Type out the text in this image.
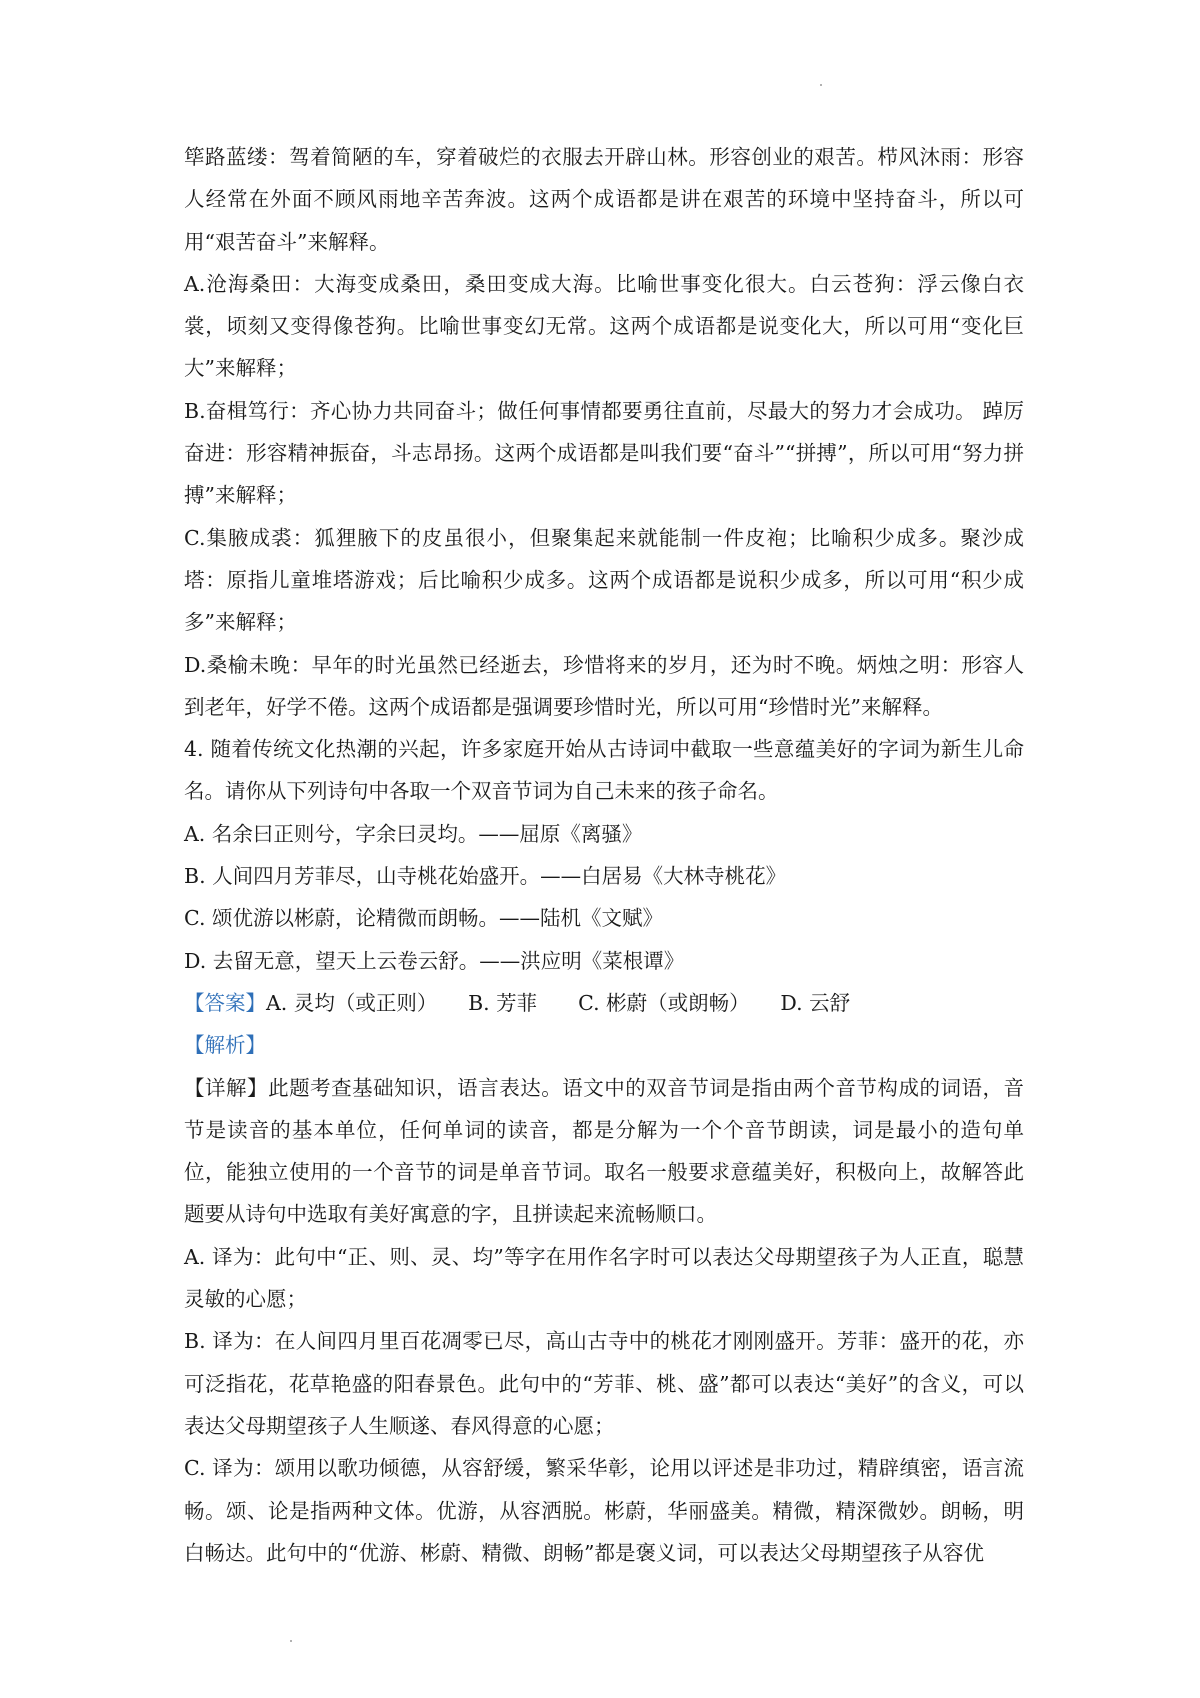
筚路蓝缕：驾着简陋的车，穿着破烂的衣服去开辟山林。形容创业的艰苦。栉风沐雨：形容人经常在外面不顾风雨地辛苦奔波。这两个成语都是讲在艰苦的环境中坚持奋斗，所以可用“艰苦奋斗”来解释。

A.沧海桑田：大海变成桑田，桑田变成大海。比喻世事变化很大。白云苍狗：浮云像白衣裳，顷刻又变得像苍狗。比喻世事变幻无常。这两个成语都是说变化大，所以可用“变化巨大”来解释；

B.奋楫笃行：齐心协力共同奋斗；做任何事情都要勇往直前，尽最大的努力才会成功。 踔厉奋进：形容精神振奋，斗志昂扬。这两个成语都是叫我们要“奋斗”“拼搏”，所以可用“努力拼搏”来解释；

C.集腋成裘：狐狸腋下的皮虽很小，但聚集起来就能制一件皮袍；比喻积少成多。聚沙成塔：原指儿童堆塔游戏；后比喻积少成多。这两个成语都是说积少成多，所以可用“积少成多”来解释；

D.桑榆未晚：早年的时光虽然已经逝去，珍惜将来的岁月，还为时不晚。炳烛之明：形容人到老年，好学不倦。这两个成语都是强调要珍惜时光，所以可用“珍惜时光”来解释。

4. 随着传统文化热潮的兴起，许多家庭开始从古诗词中截取一些意蕴美好的字词为新生儿命名。请你从下列诗句中各取一个双音节词为自己未来的孩子命名。

A. 名余曰正则兮，字余曰灵均。——屈原《离骚》

B. 人间四月芳菲尽，山寺桃花始盛开。——白居易《大林寺桃花》

C. 颂优游以彬蔚，论精微而朗畅。——陆机《文赋》

D. 去留无意，望天上云卷云舒。——洪应明《菜根谭》

【答案】A. 灵均（或正则）　　B. 芳菲　　C. 彬蔚（或朗畅）　　D. 云舒

【解析】

【详解】此题考查基础知识，语言表达。语文中的双音节词是指由两个音节构成的词语，音节是读音的基本单位，任何单词的读音，都是分解为一个个音节朗读，词是最小的造句单位，能独立使用的一个音节的词是单音节词。取名一般要求意蕴美好，积极向上，故解答此题要从诗句中选取有美好寓意的字，且拼读起来流畅顺口。

A. 译为：此句中“正、则、灵、均”等字在用作名字时可以表达父母期望孩子为人正直，聪慧灵敏的心愿；

B. 译为：在人间四月里百花凋零已尽，高山古寺中的桃花才刚刚盛开。芳菲：盛开的花，亦可泛指花，花草艳盛的阳春景色。此句中的“芳菲、桃、盛”都可以表达“美好”的含义，可以表达父母期望孩子人生顺遂、春风得意的心愿；

C. 译为：颂用以歌功倾德，从容舒缓，繁采华彰，论用以评述是非功过，精辟缜密，语言流畅。颂、论是指两种文体。优游，从容洒脱。彬蔚，华丽盛美。精微，精深微妙。朗畅，明白畅达。此句中的“优游、彬蔚、精微、朗畅”都是褒义词，可以表达父母期望孩子从容优
